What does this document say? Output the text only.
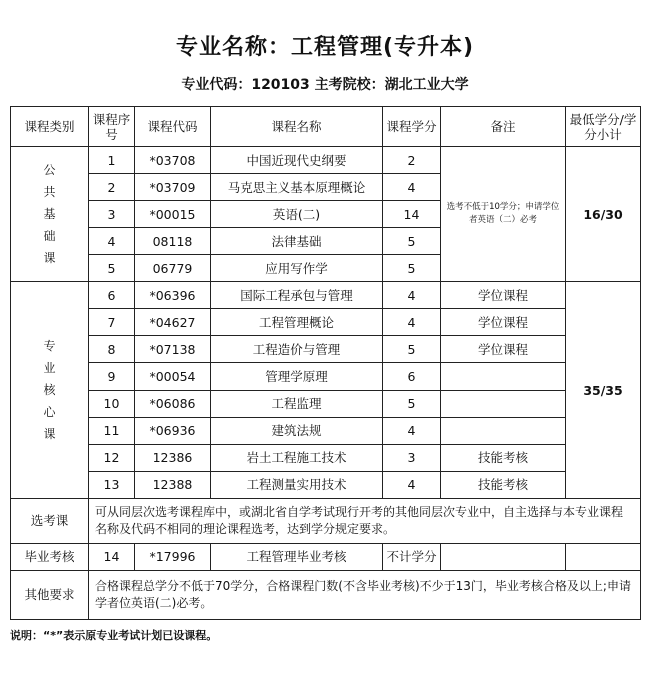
专业名称：工程管理(专升本)
专业代码：120103 主考院校：湖北工业大学
课程类别	课程序号	课程代码	课程名称	课程学分	备注	最低学分/学分小计
公共基础课	1	*03708	中国近现代史纲要	2	选考不低于10学分；申请学位者英语（二）必考	16/30
	2	*03709	马克思主义基本原理概论	4		
	3	*00015	英语(二)	14		
	4	08118	法律基础	5		
	5	06779	应用写作学	5		
专业核心课	6	*06396	国际工程承包与管理	4	学位课程	35/35
	7	*04627	工程管理概论	4	学位课程	
	8	*07138	工程造价与管理	5	学位课程	
	9	*00054	管理学原理	6		
	10	*06086	工程监理	5		
	11	*06936	建筑法规	4		
	12	12386	岩土工程施工技术	3	技能考核	
	13	12388	工程测量实用技术	4	技能考核	
选考课	可从同层次选考课程库中，或湖北省自学考试现行开考的其他同层次专业中，自主选择与本专业课程名称及代码不相同的理论课程选考，达到学分规定要求。					
毕业考核	14	*17996	工程管理毕业考核	不计学分		
其他要求	合格课程总学分不低于70学分，合格课程门数(不含毕业考核)不少于13门，毕业考核合格及以上;申请学者位英语(二)必考。					
说明：“*”表示原专业考试计划已设课程。
